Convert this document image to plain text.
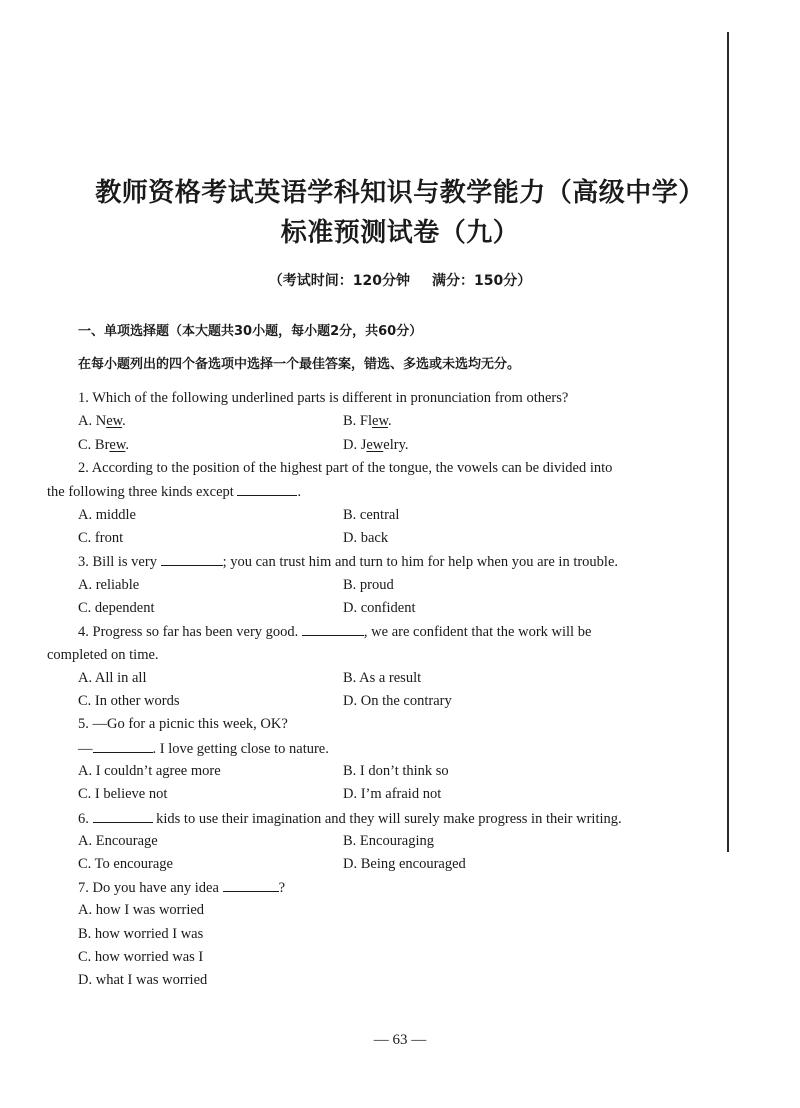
教师资格考试英语学科知识与教学能力（高级中学）
标准预测试卷（九）
（考试时间：120分钟 满分：150分）
一、单项选择题（本大题共30小题，每小题2分，共60分）
在每小题列出的四个备选项中选择一个最佳答案，错选、多选或未选均无分。
1. Which of the following underlined parts is different in pronunciation from others?
A. New.	B. Flew.
C. Brew.	D. Jewelry.
2. According to the position of the highest part of the tongue, the vowels can be divided into
the following three kinds except	.
A. middle	B. central
C. front	D. back
3. Bill is very	; you can trust him and turn to him for help when you are in trouble.
A. reliable	B. proud
C. dependent	D. confident
4. Progress so far has been very good.	, we are confident that the work will be
completed on time.
A. All in all	B. As a result
C. In other words	D. On the contrary
5. —Go for a picnic this week, OK?
—	. I love getting close to nature.
A. I couldn’t agree more	B. I don’t think so
C. I believe not	D. I’m afraid not
6.	kids to use their imagination and they will surely make progress in their writing.
A. Encourage	B. Encouraging
C. To encourage	D. Being encouraged
7. Do you have any idea	?
A. how I was worried
B. how worried I was
C. how worried was I
D. what I was worried
— 63 —
